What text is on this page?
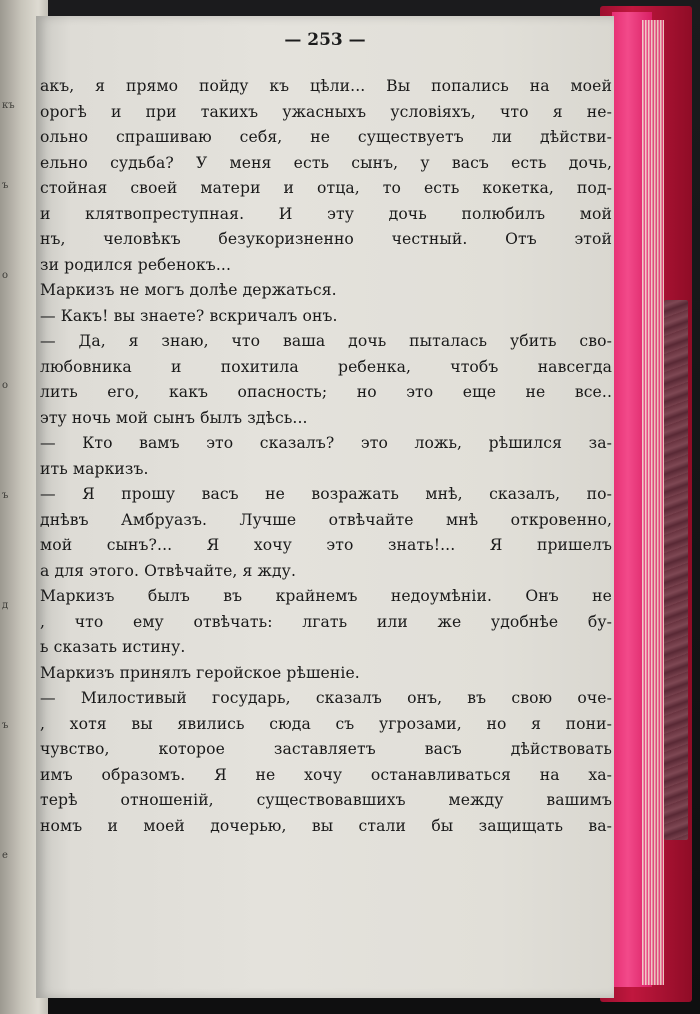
къ
ъ
о
о
ъ
д
ъ
е
— 253 —
акъ, я прямо пойду къ цѣли... Вы попались на моей
орогѣ и при такихъ ужасныхъ условіяхъ, что я не-
ольно спрашиваю себя, не существуетъ ли дѣйстви-
ельно судьба? У меня есть сынъ, у васъ есть дочь,
стойная своей матери и отца, то есть кокетка, под-
и клятвопреступная. И эту дочь полюбилъ мой
нъ, человѣкъ безукоризненно честный. Отъ этой
зи родился ребенокъ...
Маркизъ не могъ долѣе держаться.
— Какъ! вы знаете? вскричалъ онъ.
— Да, я знаю, что ваша дочь пыталась убить сво-
любовника и похитила ребенка, чтобъ навсегда
лить его, какъ опасность; но это еще не все..
эту ночь мой сынъ былъ здѣсь...
— Кто вамъ это сказалъ? это ложь, рѣшился за-
ить маркизъ.
— Я прошу васъ не возражать мнѣ, сказалъ, по-
днѣвъ Амбруазъ. Лучше отвѣчайте мнѣ откровенно,
мой сынъ?... Я хочу это знать!... Я пришелъ
а для этого. Отвѣчайте, я жду.
Маркизъ былъ въ крайнемъ недоумѣніи. Онъ не
, что ему отвѣчать: лгать или же удобнѣе бу-
ь сказать истину.
Маркизъ принялъ геройское рѣшеніе.
— Милостивый государь, сказалъ онъ, въ свою оче-
, хотя вы явились сюда съ угрозами, но я пони-
чувство, которое заставляетъ васъ дѣйствовать
имъ образомъ. Я не хочу останавливаться на ха-
терѣ отношеній, существовавшихъ между вашимъ
номъ и моей дочерью, вы стали бы защищать ва-
